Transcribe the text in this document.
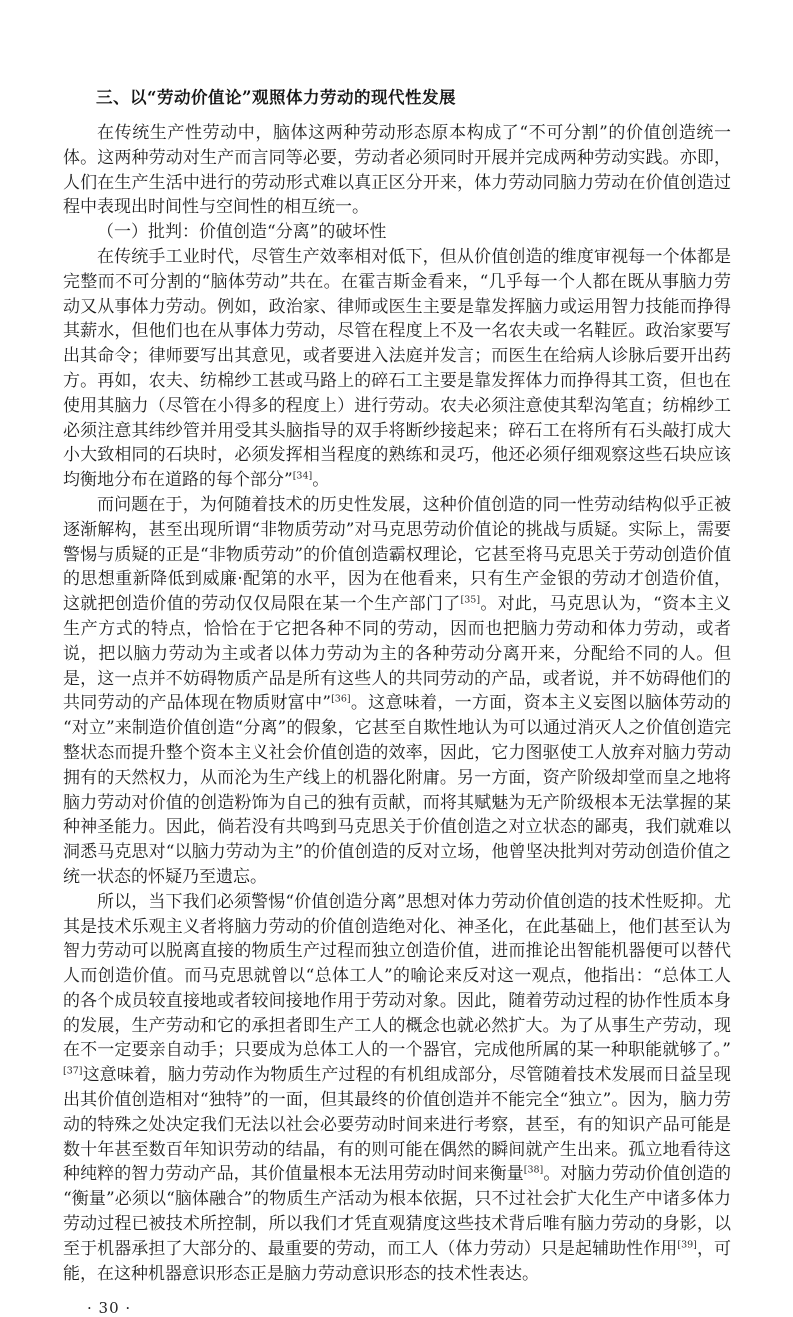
三、以“劳动价值论”观照体力劳动的现代性发展

在传统生产性劳动中，脑体这两种劳动形态原本构成了“不可分割”的价值创造统一体。这两种劳动对生产而言同等必要，劳动者必须同时开展并完成两种劳动实践。亦即，人们在生产生活中进行的劳动形式难以真正区分开来，体力劳动同脑力劳动在价值创造过程中表现出时间性与空间性的相互统一。

（一）批判：价值创造“分离”的破坏性

在传统手工业时代，尽管生产效率相对低下，但从价值创造的维度审视每一个体都是完整而不可分割的“脑体劳动”共在。在霍吉斯金看来，“几乎每一个人都在既从事脑力劳动又从事体力劳动。例如，政治家、律师或医生主要是靠发挥脑力或运用智力技能而挣得其薪水，但他们也在从事体力劳动，尽管在程度上不及一名农夫或一名鞋匠。政治家要写出其命令；律师要写出其意见，或者要进入法庭并发言；而医生在给病人诊脉后要开出药方。再如，农夫、纺棉纱工甚或马路上的碎石工主要是靠发挥体力而挣得其工资，但也在使用其脑力（尽管在小得多的程度上）进行劳动。农夫必须注意使其犁沟笔直；纺棉纱工必须注意其纬纱管并用受其头脑指导的双手将断纱接起来；碎石工在将所有石头敲打成大小大致相同的石块时，必须发挥相当程度的熟练和灵巧，他还必须仔细观察这些石块应该均衡地分布在道路的每个部分”[34]。

而问题在于，为何随着技术的历史性发展，这种价值创造的同一性劳动结构似乎正被逐渐解构，甚至出现所谓“非物质劳动”对马克思劳动价值论的挑战与质疑。实际上，需要警惕与质疑的正是“非物质劳动”的价值创造霸权理论，它甚至将马克思关于劳动创造价值的思想重新降低到威廉·配第的水平，因为在他看来，只有生产金银的劳动才创造价值，这就把创造价值的劳动仅仅局限在某一个生产部门了[35]。对此，马克思认为，“资本主义生产方式的特点，恰恰在于它把各种不同的劳动，因而也把脑力劳动和体力劳动，或者说，把以脑力劳动为主或者以体力劳动为主的各种劳动分离开来，分配给不同的人。但是，这一点并不妨碍物质产品是所有这些人的共同劳动的产品，或者说，并不妨碍他们的共同劳动的产品体现在物质财富中”[36]。这意味着，一方面，资本主义妄图以脑体劳动的“对立”来制造价值创造“分离”的假象，它甚至自欺性地认为可以通过消灭人之价值创造完整状态而提升整个资本主义社会价值创造的效率，因此，它力图驱使工人放弃对脑力劳动拥有的天然权力，从而沦为生产线上的机器化附庸。另一方面，资产阶级却堂而皇之地将脑力劳动对价值的创造粉饰为自己的独有贡献，而将其赋魅为无产阶级根本无法掌握的某种神圣能力。因此，倘若没有共鸣到马克思关于价值创造之对立状态的鄙夷，我们就难以洞悉马克思对“以脑力劳动为主”的价值创造的反对立场，他曾坚决批判对劳动创造价值之统一状态的怀疑乃至遗忘。

所以，当下我们必须警惕“价值创造分离”思想对体力劳动价值创造的技术性贬抑。尤其是技术乐观主义者将脑力劳动的价值创造绝对化、神圣化，在此基础上，他们甚至认为智力劳动可以脱离直接的物质生产过程而独立创造价值，进而推论出智能机器便可以替代人而创造价值。而马克思就曾以“总体工人”的喻论来反对这一观点，他指出：“总体工人的各个成员较直接地或者较间接地作用于劳动对象。因此，随着劳动过程的协作性质本身的发展，生产劳动和它的承担者即生产工人的概念也就必然扩大。为了从事生产劳动，现在不一定要亲自动手；只要成为总体工人的一个器官，完成他所属的某一种职能就够了。”[37]这意味着，脑力劳动作为物质生产过程的有机组成部分，尽管随着技术发展而日益呈现出其价值创造相对“独特”的一面，但其最终的价值创造并不能完全“独立”。因为，脑力劳动的特殊之处决定我们无法以社会必要劳动时间来进行考察，甚至，有的知识产品可能是数十年甚至数百年知识劳动的结晶，有的则可能在偶然的瞬间就产生出来。孤立地看待这种纯粹的智力劳动产品，其价值量根本无法用劳动时间来衡量[38]。对脑力劳动价值创造的“衡量”必须以“脑体融合”的物质生产活动为根本依据，只不过社会扩大化生产中诸多体力劳动过程已被技术所控制，所以我们才凭直观猜度这些技术背后唯有脑力劳动的身影，以至于机器承担了大部分的、最重要的劳动，而工人（体力劳动）只是起辅助性作用[39]，可能，在这种机器意识形态正是脑力劳动意识形态的技术性表达。

· 30 ·
